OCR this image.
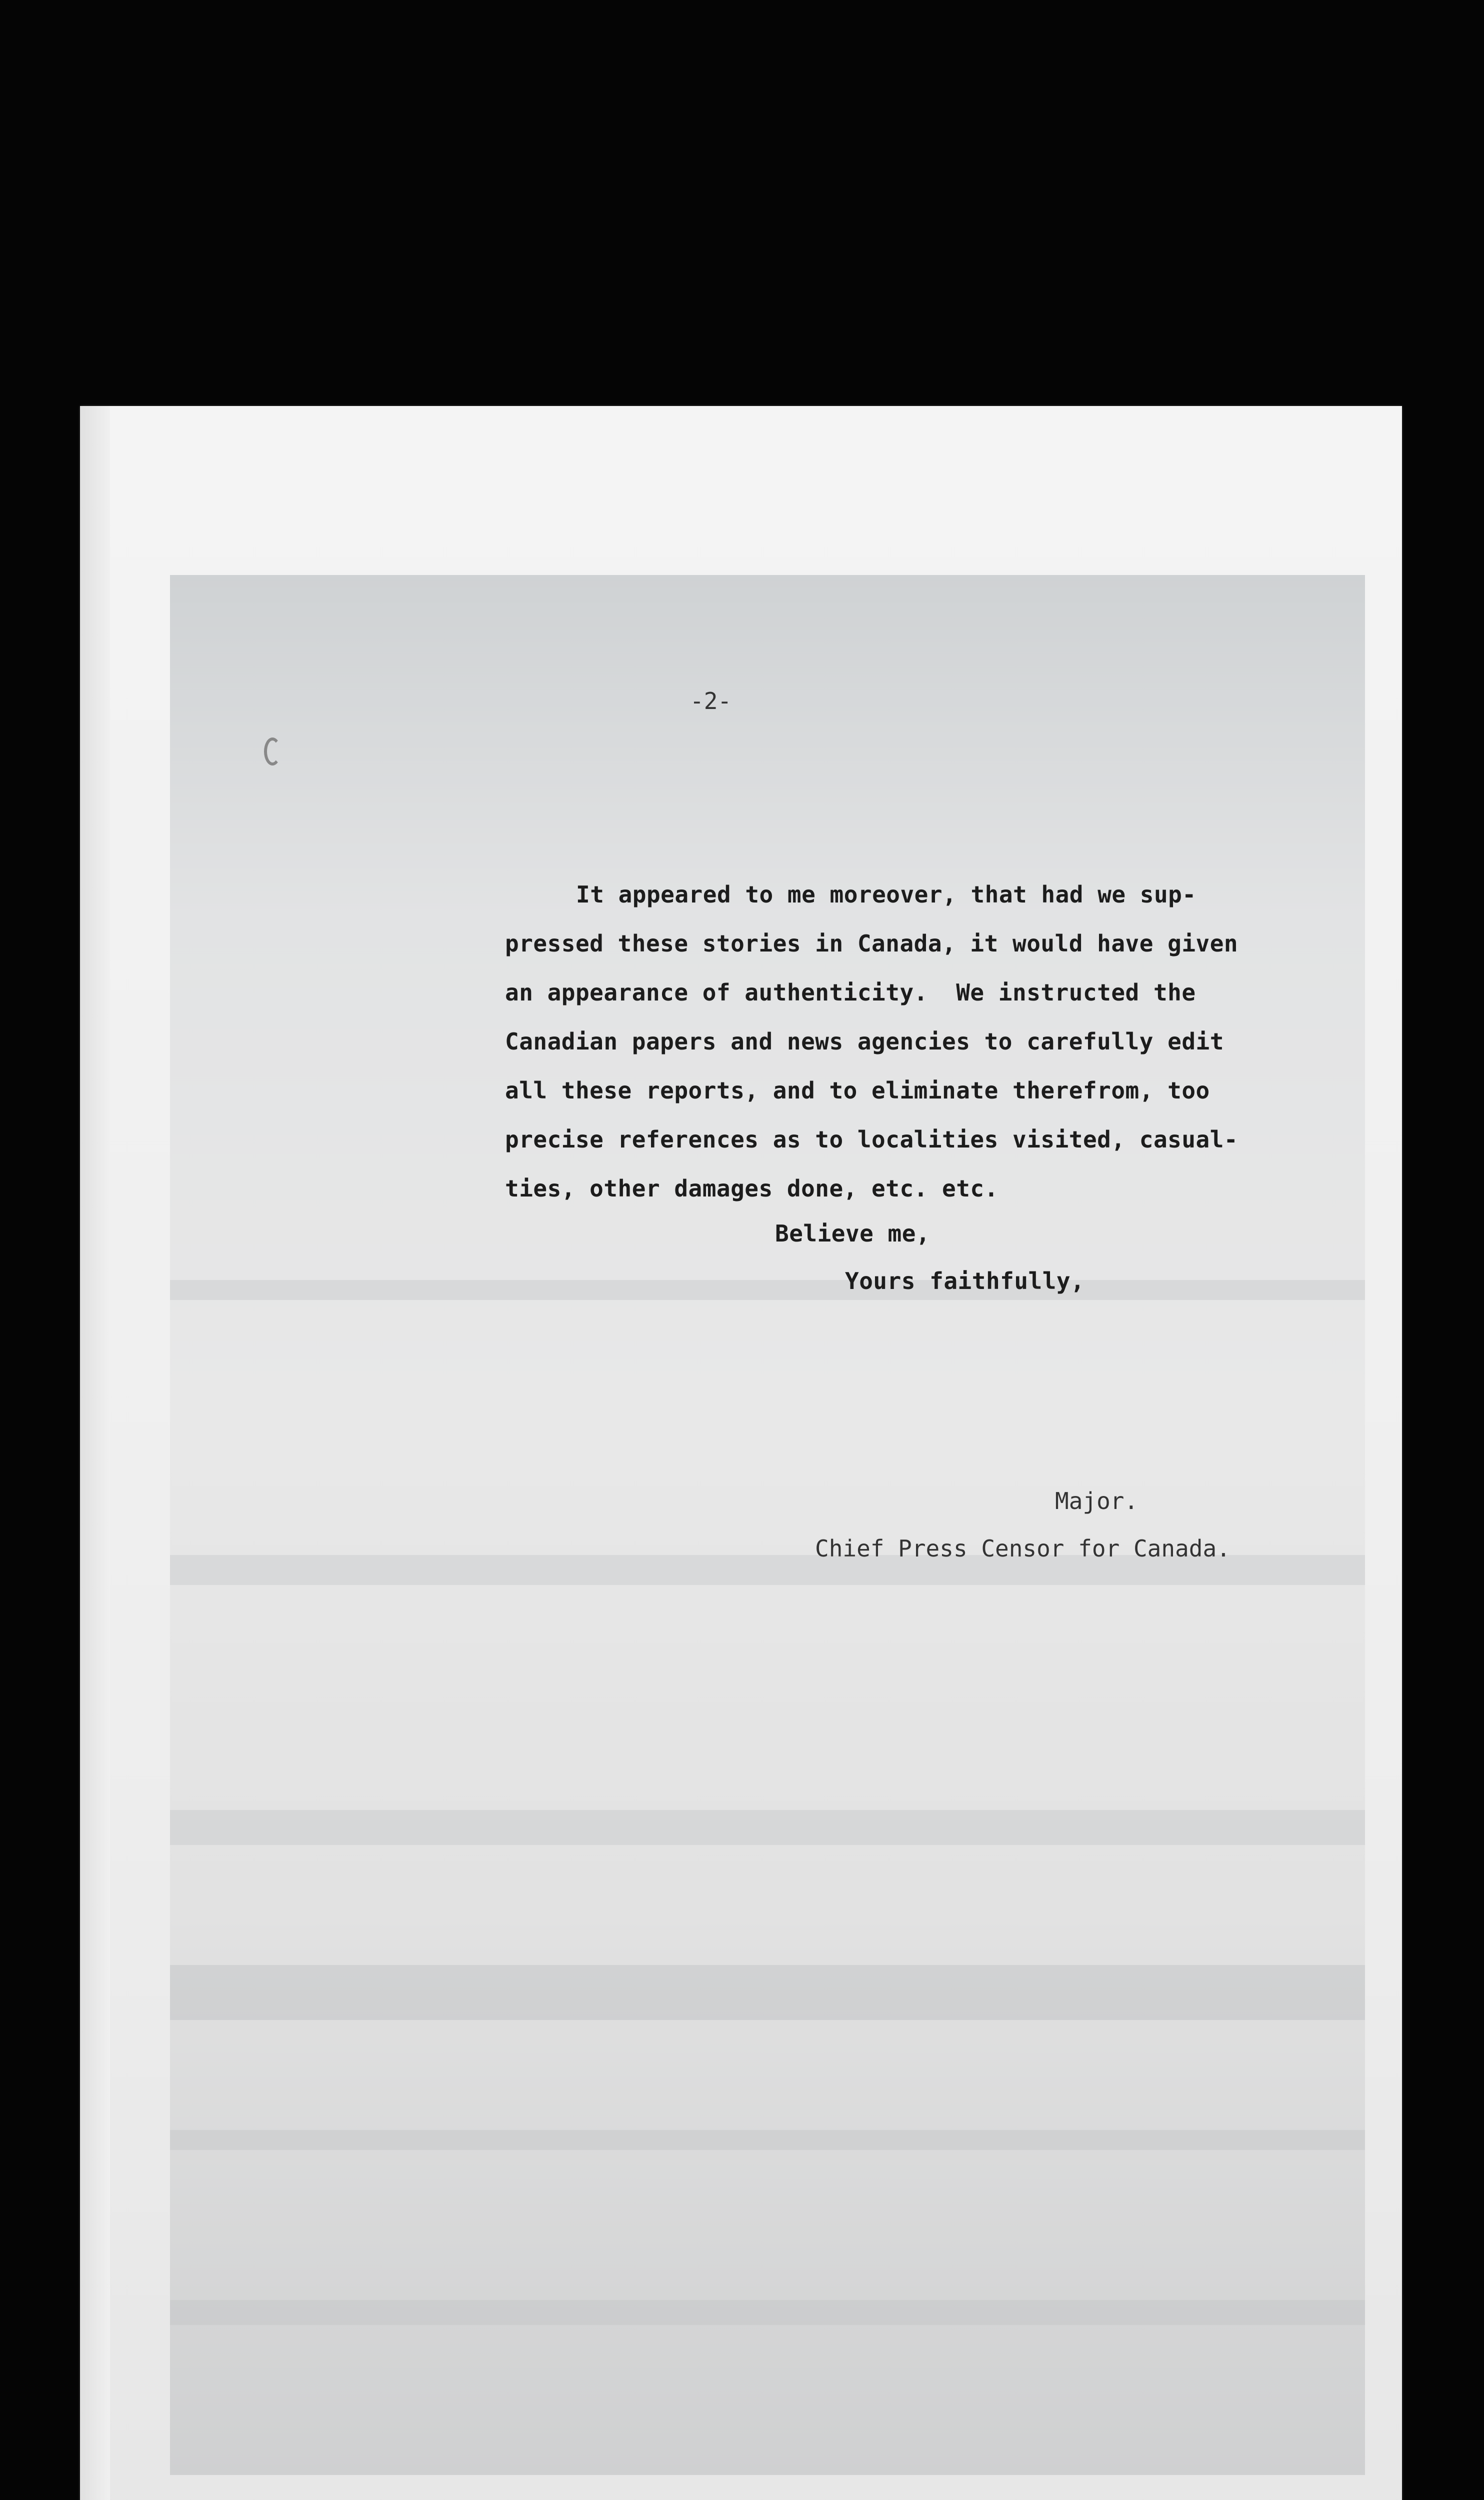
-2-
It appeared to me moreover, that had we sup-
pressed these stories in Canada, it would have given
an appearance of authenticity.  We instructed the
Canadian papers and news agencies to carefully edit
all these reports, and to eliminate therefrom, too
precise references as to localities visited, casual-
ties, other damages done, etc. etc.
Believe me,
Yours faithfully,
Major.
Chief Press Censor for Canada.
